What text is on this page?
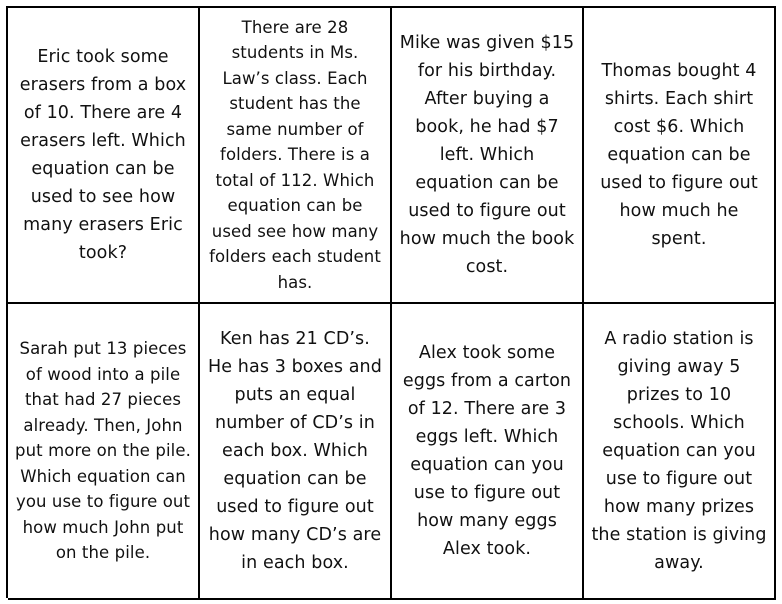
Eric took some erasers from a box of 10. There are 4 erasers left. Which equation can be used to see how many erasers Eric took?
There are 28 students in Ms. Law’s class. Each student has the same number of folders. There is a total of 112. Which equation can be used see how many folders each student has.
Mike was given $15 for his birthday. After buying a book, he had $7 left. Which equation can be used to figure out how much the book cost.
Thomas bought 4 shirts. Each shirt cost $6. Which equation can be used to figure out how much he spent.
Sarah put 13 pieces of wood into a pile that had 27 pieces already. Then, John put more on the pile. Which equation can you use to figure out how much John put on the pile.
Ken has 21 CD’s. He has 3 boxes and puts an equal number of CD’s in each box. Which equation can be used to figure out how many CD’s are in each box.
Alex took some eggs from a carton of 12. There are 3 eggs left. Which equation can you use to figure out how many eggs Alex took.
A radio station is giving away 5 prizes to 10 schools. Which equation can you use to figure out how many prizes the station is giving away.
